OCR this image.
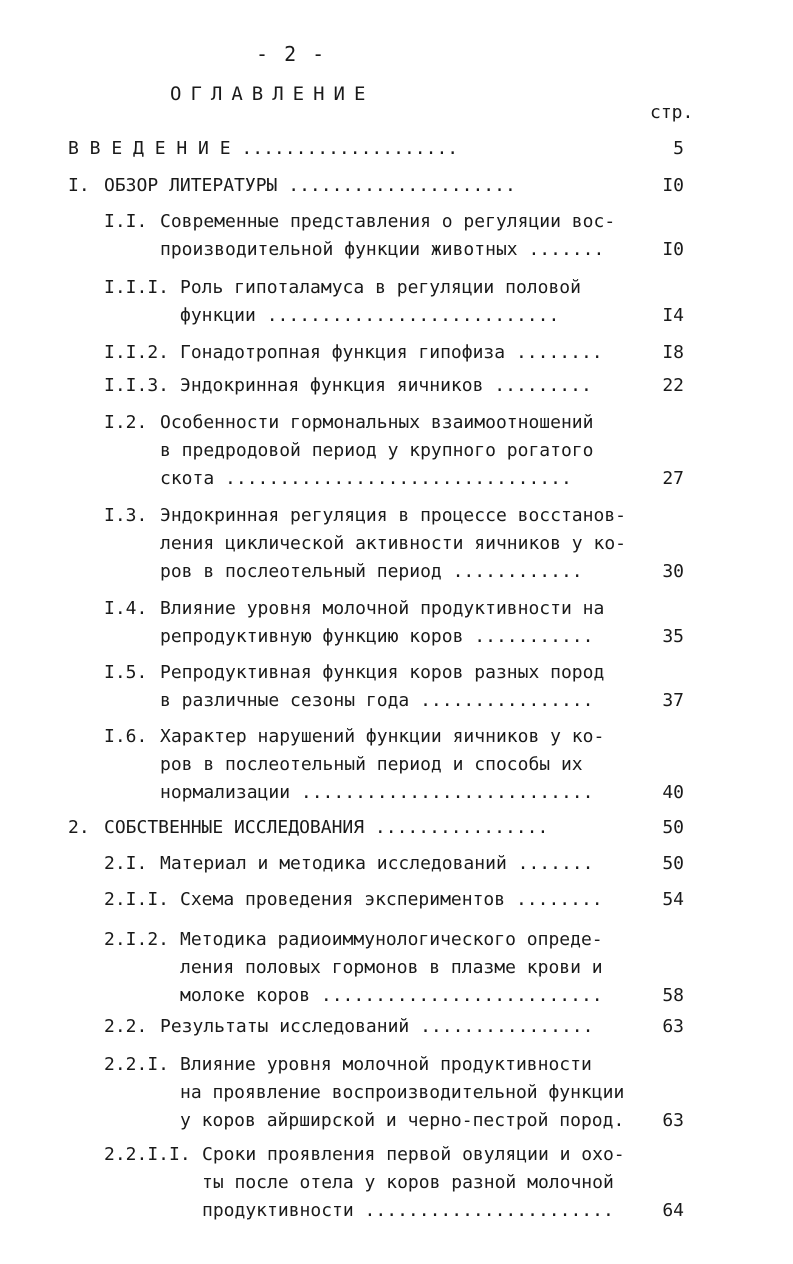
- 2 -
ОГЛАВЛЕНИЕ
стр.
В В Е Д Е Н И Е ....................	5
I. ОБЗОР ЛИТЕРАТУРЫ .....................	I0
I.I. Современные представления о регуляции вос-
производительной функции животных .......	I0
I.I.I. Роль гипоталамуса в регуляции половой
функции ...........................	I4
I.I.2. Гонадотропная функция гипофиза ........	I8
I.I.3. Эндокринная функция яичников .........	22
I.2. Особенности гормональных взаимоотношений
в предродовой период у крупного рогатого
скота ................................	27
I.3. Эндокринная регуляция в процессе восстанов-
ления циклической активности яичников у ко-
ров в послеотельный период ............	30
I.4. Влияние уровня молочной продуктивности на
репродуктивную функцию коров ...........	35
I.5. Репродуктивная функция коров разных пород
в различные сезоны года ................	37
I.6. Характер нарушений функции яичников у ко-
ров в послеотельный период и способы их
нормализации ...........................	40
2. СОБСТВЕННЫЕ ИССЛЕДОВАНИЯ ................	50
2.I. Материал и методика исследований .......	50
2.I.I. Схема проведения экспериментов ........	54
2.I.2. Методика радиоиммунологического опреде-
ления половых гормонов в плазме крови и
молоке коров ..........................	58
2.2. Результаты исследований ................	63
2.2.I. Влияние уровня молочной продуктивности
на проявление воспроизводительной функции
у коров айрширской и черно-пестрой пород.	63
2.2.I.I. Сроки проявления первой овуляции и охо-
ты после отела у коров разной молочной
продуктивности .......................	64
